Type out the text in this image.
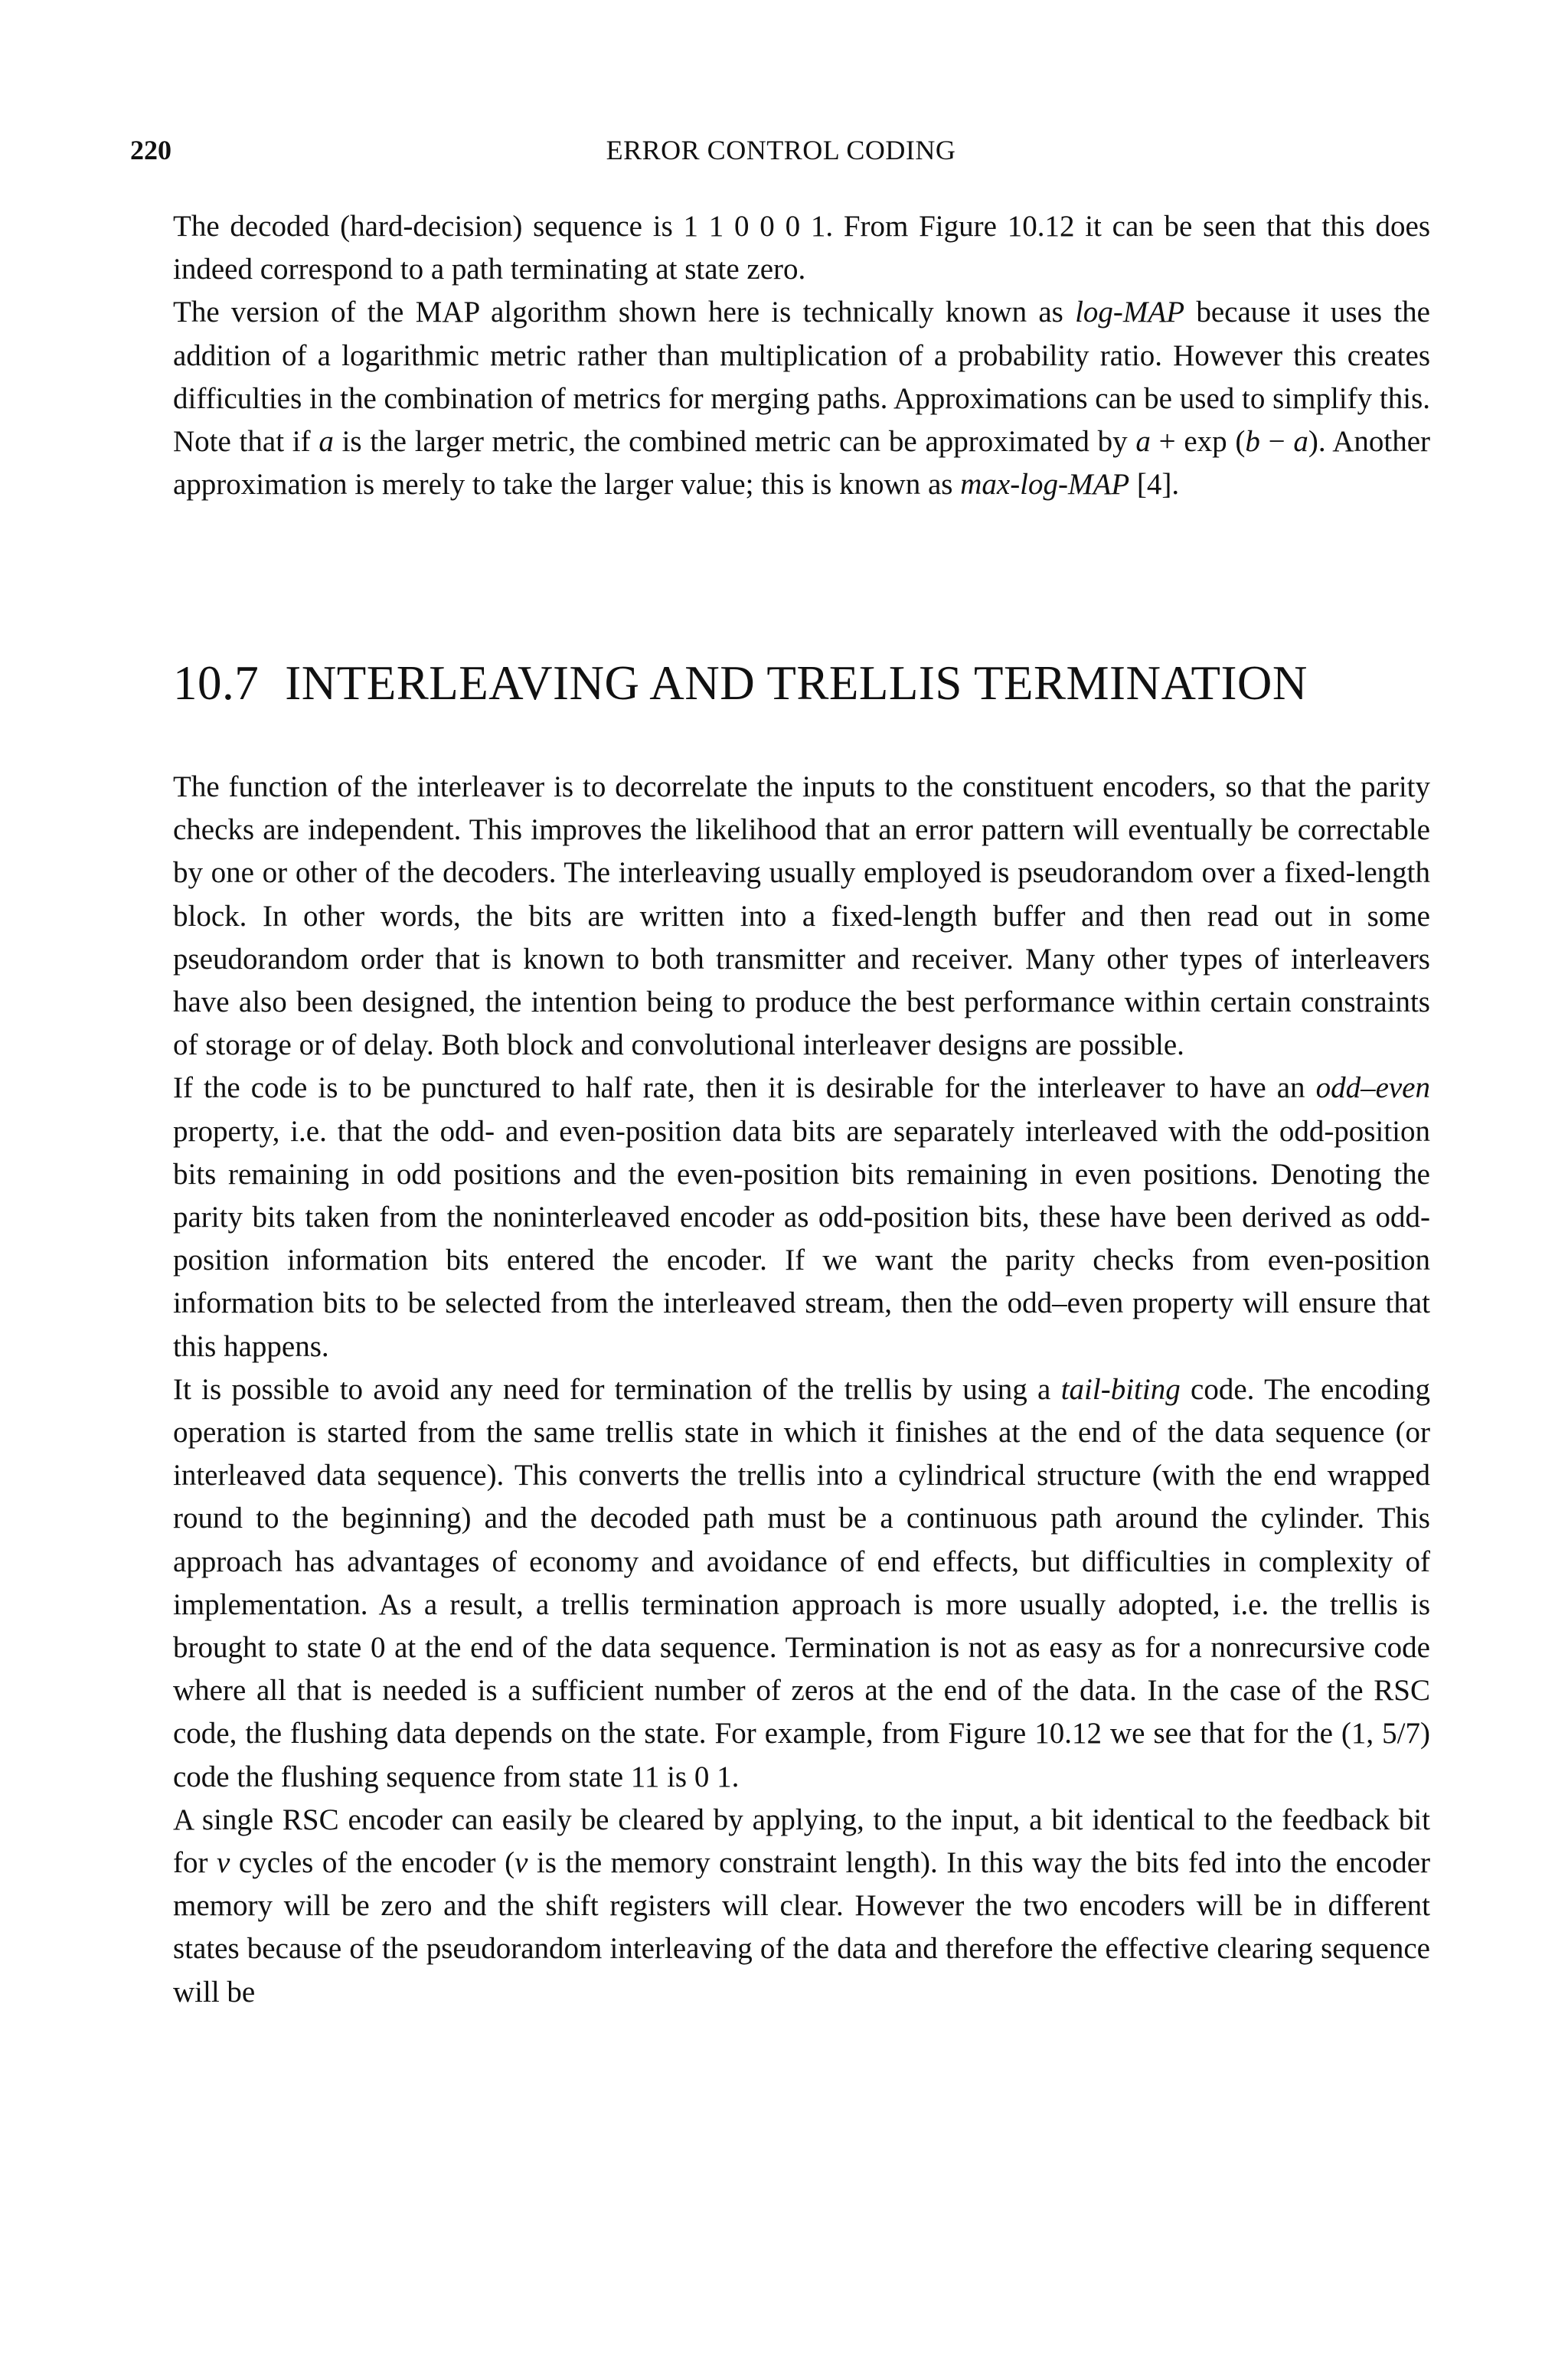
220	ERROR CONTROL CODING

The decoded (hard-decision) sequence is 1 1 0 0 0 1. From Figure 10.12 it can be seen that this does indeed correspond to a path terminating at state zero.

The version of the MAP algorithm shown here is technically known as log-MAP because it uses the addition of a logarithmic metric rather than multiplication of a probability ratio. However this creates difficulties in the combination of metrics for merging paths. Approximations can be used to simplify this. Note that if a is the larger metric, the combined metric can be approximated by a + exp (b − a). Another approximation is merely to take the larger value; this is known as max-log-MAP [4].

10.7 INTERLEAVING AND TRELLIS TERMINATION

The function of the interleaver is to decorrelate the inputs to the constituent encoders, so that the parity checks are independent. This improves the likelihood that an error pattern will eventually be correctable by one or other of the decoders. The interleaving usually employed is pseudorandom over a fixed-length block. In other words, the bits are written into a fixed-length buffer and then read out in some pseudorandom order that is known to both transmitter and receiver. Many other types of interleavers have also been designed, the intention being to produce the best performance within certain constraints of storage or of delay. Both block and convolutional interleaver designs are possible.

If the code is to be punctured to half rate, then it is desirable for the interleaver to have an odd–even property, i.e. that the odd- and even-position data bits are separately interleaved with the odd-position bits remaining in odd positions and the even-position bits remaining in even positions. Denoting the parity bits taken from the noninterleaved encoder as odd-position bits, these have been derived as odd-position information bits entered the encoder. If we want the parity checks from even-position information bits to be selected from the interleaved stream, then the odd–even property will ensure that this happens.

It is possible to avoid any need for termination of the trellis by using a tail-biting code. The encoding operation is started from the same trellis state in which it finishes at the end of the data sequence (or interleaved data sequence). This converts the trellis into a cylindrical structure (with the end wrapped round to the beginning) and the decoded path must be a continuous path around the cylinder. This approach has advantages of economy and avoidance of end effects, but difficulties in complexity of implementation. As a result, a trellis termination approach is more usually adopted, i.e. the trellis is brought to state 0 at the end of the data sequence. Termination is not as easy as for a nonrecursive code where all that is needed is a sufficient number of zeros at the end of the data. In the case of the RSC code, the flushing data depends on the state. For example, from Figure 10.12 we see that for the (1, 5/7) code the flushing sequence from state 11 is 0 1.

A single RSC encoder can easily be cleared by applying, to the input, a bit identical to the feedback bit for v cycles of the encoder (v is the memory constraint length). In this way the bits fed into the encoder memory will be zero and the shift registers will clear. However the two encoders will be in different states because of the pseudorandom interleaving of the data and therefore the effective clearing sequence will be
